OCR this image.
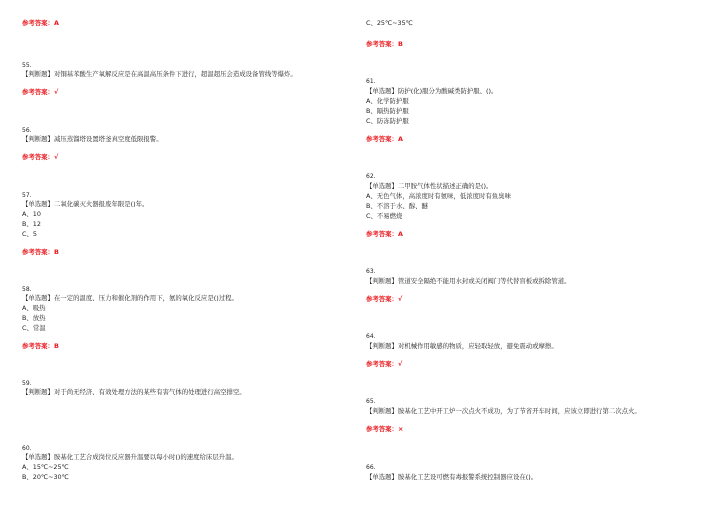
参考答案：A
55.
【判断题】对铜基苯酸生产氧解反应是在高温高压条件下进行，超温超压会造成设备管线等爆炸。
参考答案：√
56.
【判断题】减压蒸馏塔设置塔釜真空度低限报警。
参考答案：√
57.
【单选题】二氧化碳灭火器报废年限是()年。
A、10
B、12
C、5
参考答案：B
58.
【单选题】在一定的温度、压力和催化剂的作用下，氨的氧化反应是()过程。
A、吸热
B、放热
C、常温
参考答案：B
59.
【判断题】对于尚无经济、有效处理方法的某些有害气体的处理进行高空排空。
60.
【单选题】胺基化工艺合成岗位反应器升温要以每小时()的速度给床层升温。
A、15℃~25℃
B、20℃~30℃
C、25℃~35℃
参考答案：B
61.
【单选题】防护(化)服分为酸碱类防护服、()。
A、化学防护服
B、隔热防护服
C、防冻防护服
参考答案：A
62.
【单选题】二甲胺气体性状描述正确的是()。
A、无色气体，高浓度时有氨味，低浓度时有鱼臭味
B、不溶于水、醇、醚
C、不易燃烧
参考答案：A
63.
【判断题】管道安全隔绝不能用水封或关闭阀门等代替盲板或拆除管道。
参考答案：√
64.
【判断题】对机械作用敏感的物质，应轻取轻放，避免震动或摩擦。
参考答案：√
65.
【判断题】胺基化工艺中开工炉一次点火不成功，为了节省开车时间，应该立即进行第二次点火。
参考答案：×
66.
【单选题】胺基化工艺设可燃有毒报警系统控制器应设在()。
